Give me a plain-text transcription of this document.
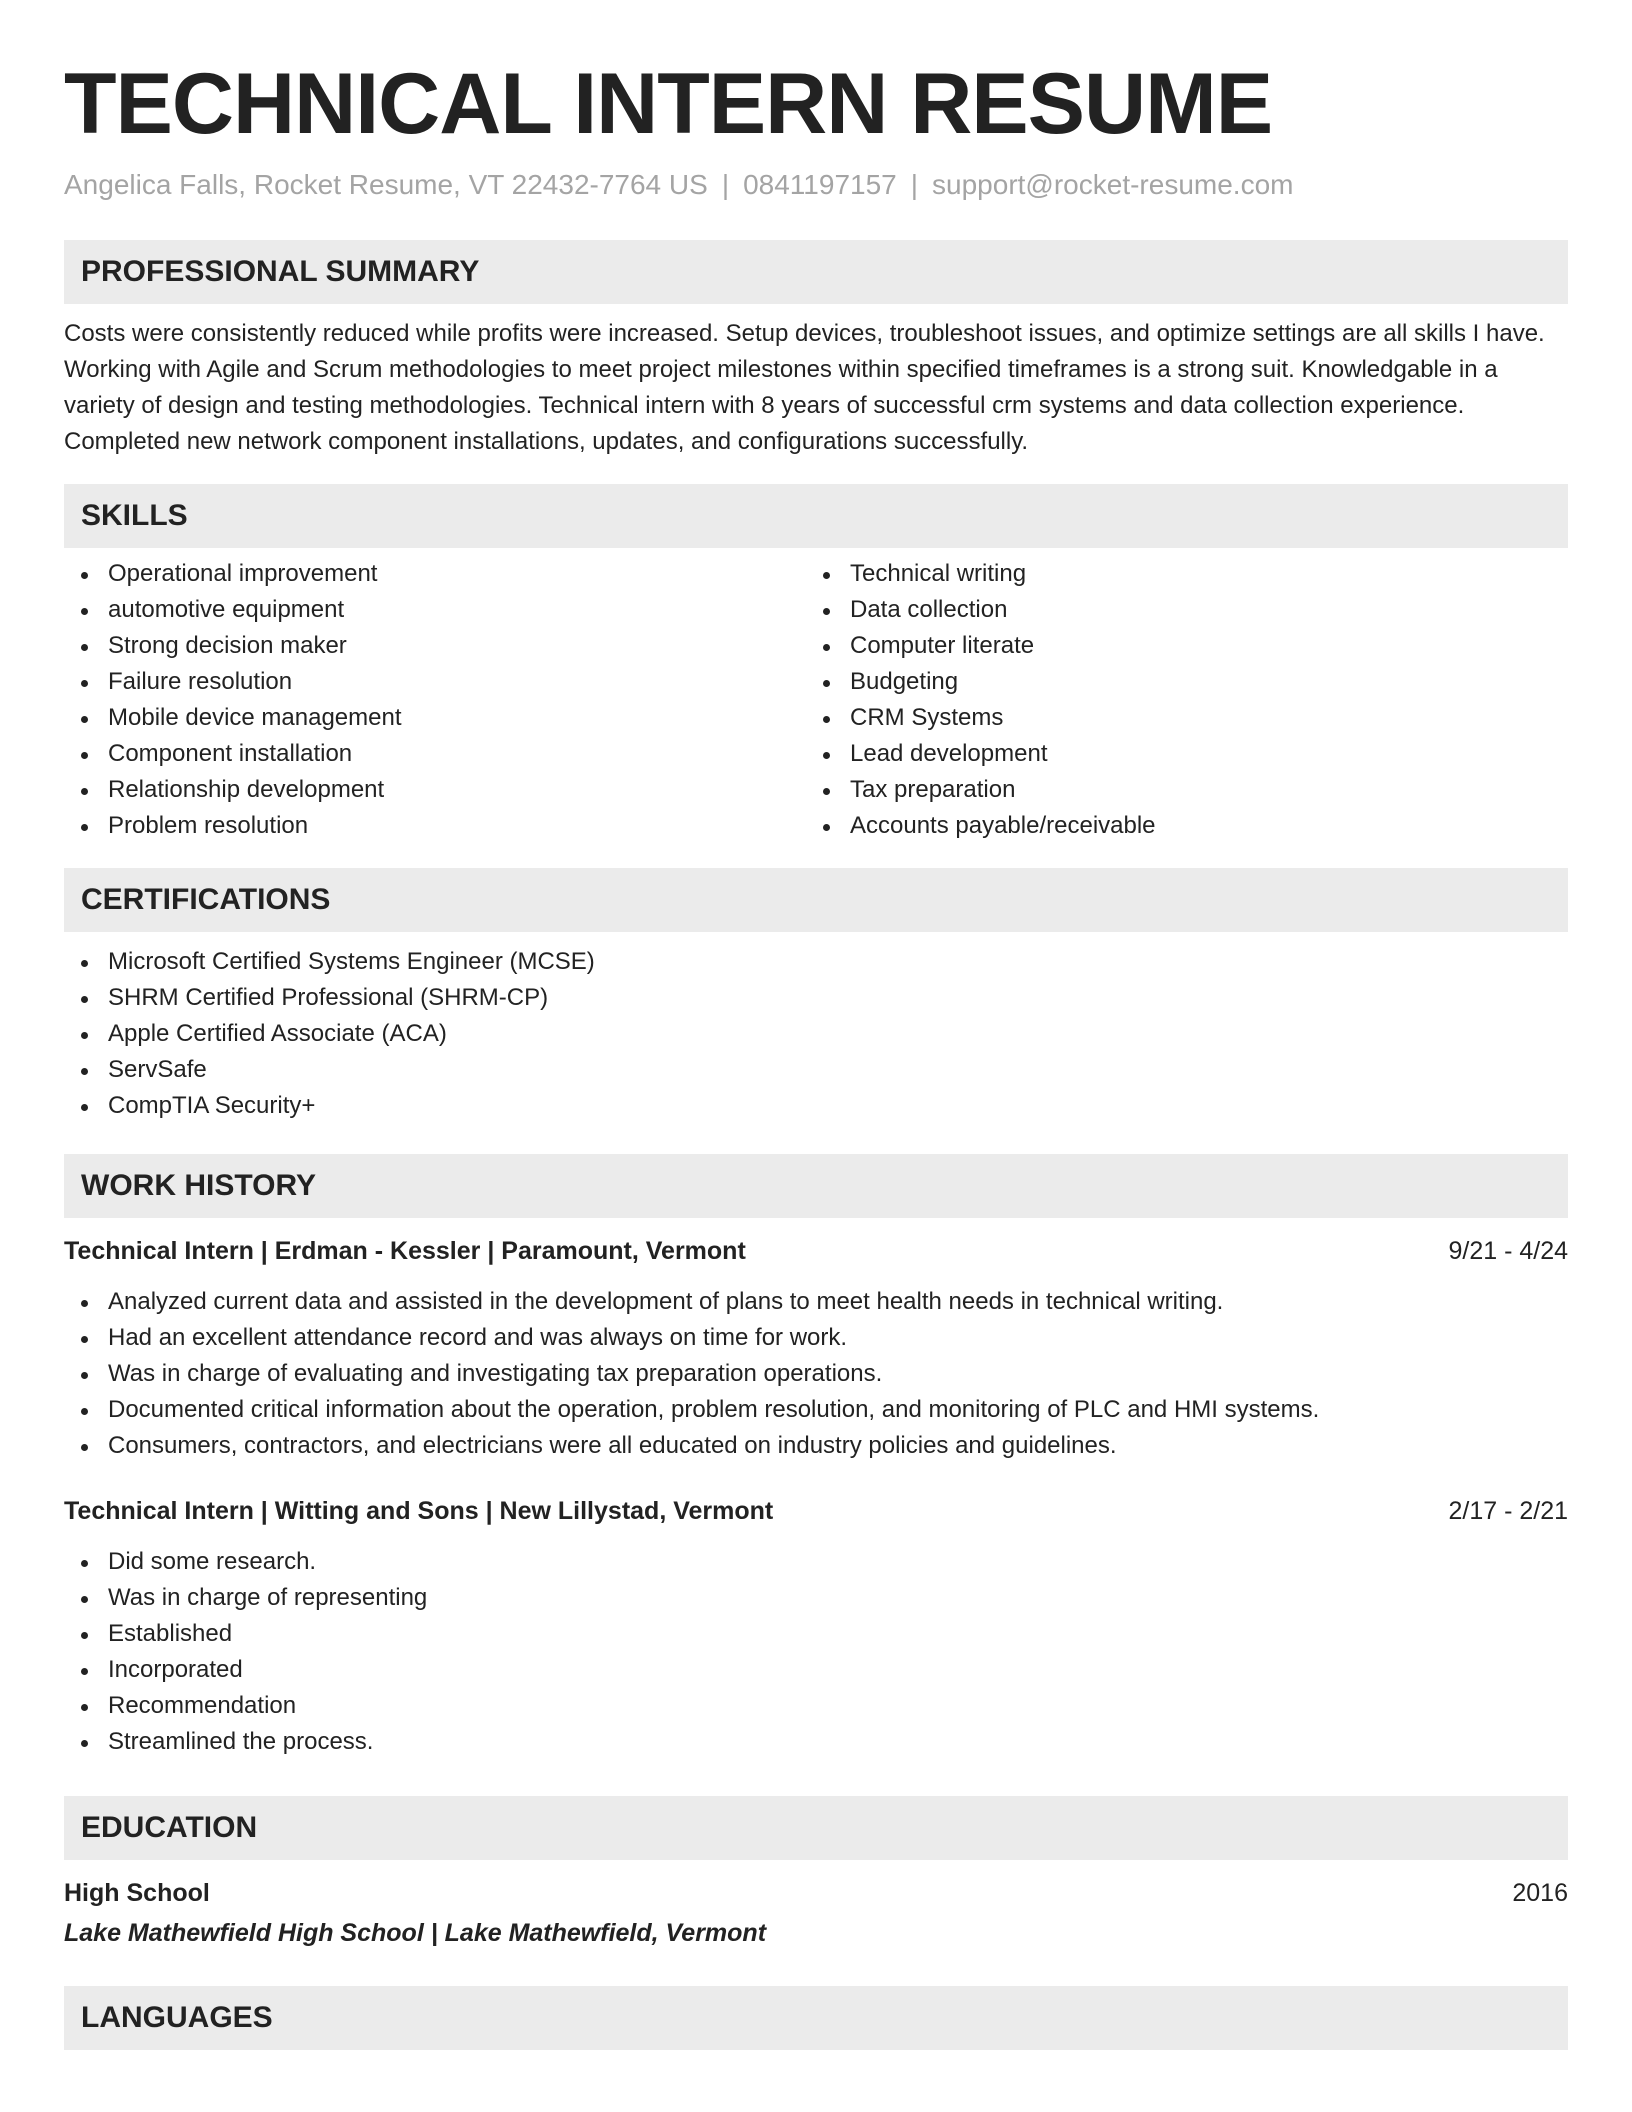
TECHNICAL INTERN RESUME
Angelica Falls, Rocket Resume, VT 22432-7764 US | 0841197157 | support@rocket-resume.com
PROFESSIONAL SUMMARY
Costs were consistently reduced while profits were increased. Setup devices, troubleshoot issues, and optimize settings are all skills I have. Working with Agile and Scrum methodologies to meet project milestones within specified timeframes is a strong suit. Knowledgable in a variety of design and testing methodologies. Technical intern with 8 years of successful crm systems and data collection experience. Completed new network component installations, updates, and configurations successfully.
SKILLS
Operational improvement
automotive equipment
Strong decision maker
Failure resolution
Mobile device management
Component installation
Relationship development
Problem resolution
Technical writing
Data collection
Computer literate
Budgeting
CRM Systems
Lead development
Tax preparation
Accounts payable/receivable
CERTIFICATIONS
Microsoft Certified Systems Engineer (MCSE)
SHRM Certified Professional (SHRM-CP)
Apple Certified Associate (ACA)
ServSafe
CompTIA Security+
WORK HISTORY
Technical Intern | Erdman - Kessler | Paramount, Vermont	9/21 - 4/24
Analyzed current data and assisted in the development of plans to meet health needs in technical writing.
Had an excellent attendance record and was always on time for work.
Was in charge of evaluating and investigating tax preparation operations.
Documented critical information about the operation, problem resolution, and monitoring of PLC and HMI systems.
Consumers, contractors, and electricians were all educated on industry policies and guidelines.
Technical Intern | Witting and Sons | New Lillystad, Vermont	2/17 - 2/21
Did some research.
Was in charge of representing
Established
Incorporated
Recommendation
Streamlined the process.
EDUCATION
High School	2016
Lake Mathewfield High School | Lake Mathewfield, Vermont
LANGUAGES
